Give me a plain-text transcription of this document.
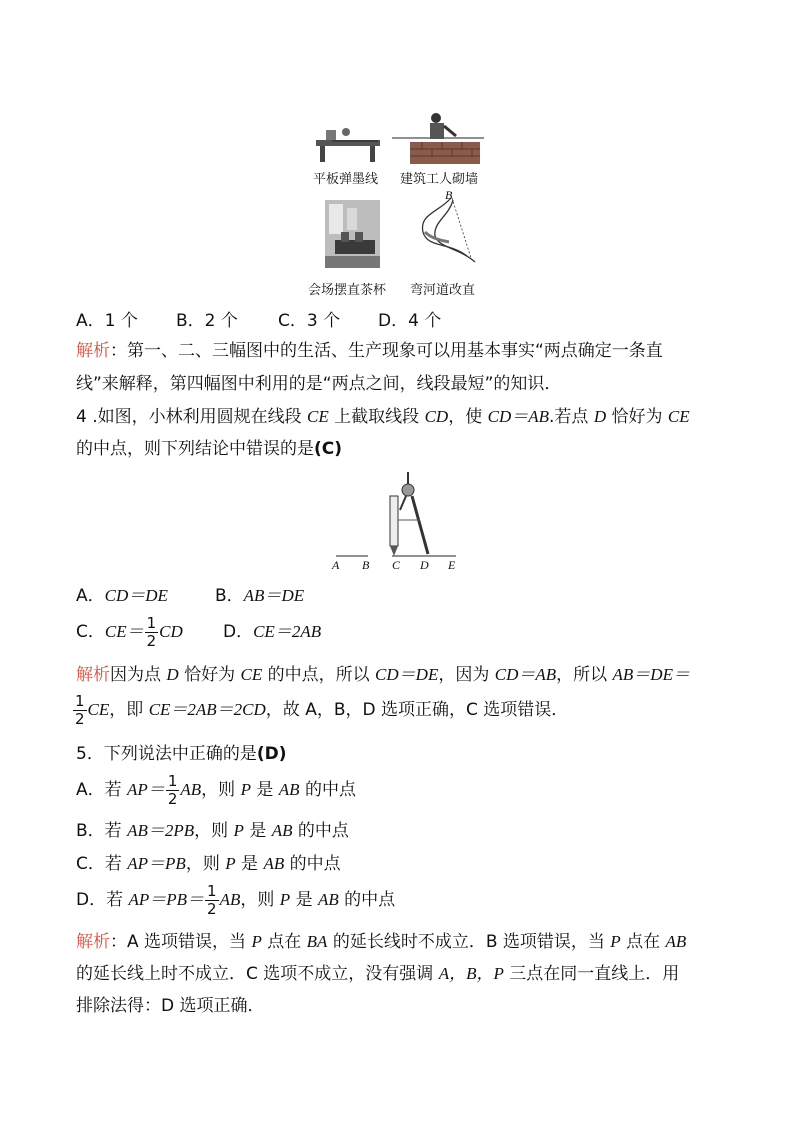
平板弹墨线 建筑工人砌墙
B
会场摆直茶杯 弯河道改直
A．1 个 B．2 个 C．3 个 D．4 个
解析：第一、二、三幅图中的生活、生产现象可以用基本事实“两点确定一条直
线”来解释，第四幅图中利用的是“两点之间，线段最短”的知识．
4 .如图，小林利用圆规在线段 CE 上截取线段 CD，使 CD＝AB.若点 D 恰好为 CE
的中点，则下列结论中错误的是(C)
A B C D E
A．CD＝DE	B．AB＝DE
C．$CE= \frac{1}{2}$ CD D．CE＝2AB
解析因为点 D 恰好为 CE 的中点，所以 CD＝DE，因为 CD＝AB，所以 AB＝DE＝
$\frac{1}{2}$ CE，即 CE＝2AB＝2CD，故 A，B，D 选项正确，C 选项错误．
5．下列说法中正确的是(D)
A．若 $AP= \frac{1}{2}$ AB，则 P 是 AB 的中点
B．若 AB＝2PB，则 P 是 AB 的中点
C．若 AP＝PB，则 P 是 AB 的中点
D．若 $AP=PB= \frac{1}{2}$ AB，则 P 是 AB 的中点
解析：A 选项错误，当 P 点在 BA 的延长线时不成立．B 选项错误，当 P 点在 AB
的延长线上时不成立．C 选项不成立，没有强调 A，B，P 三点在同一直线上．用
排除法得：D 选项正确．
